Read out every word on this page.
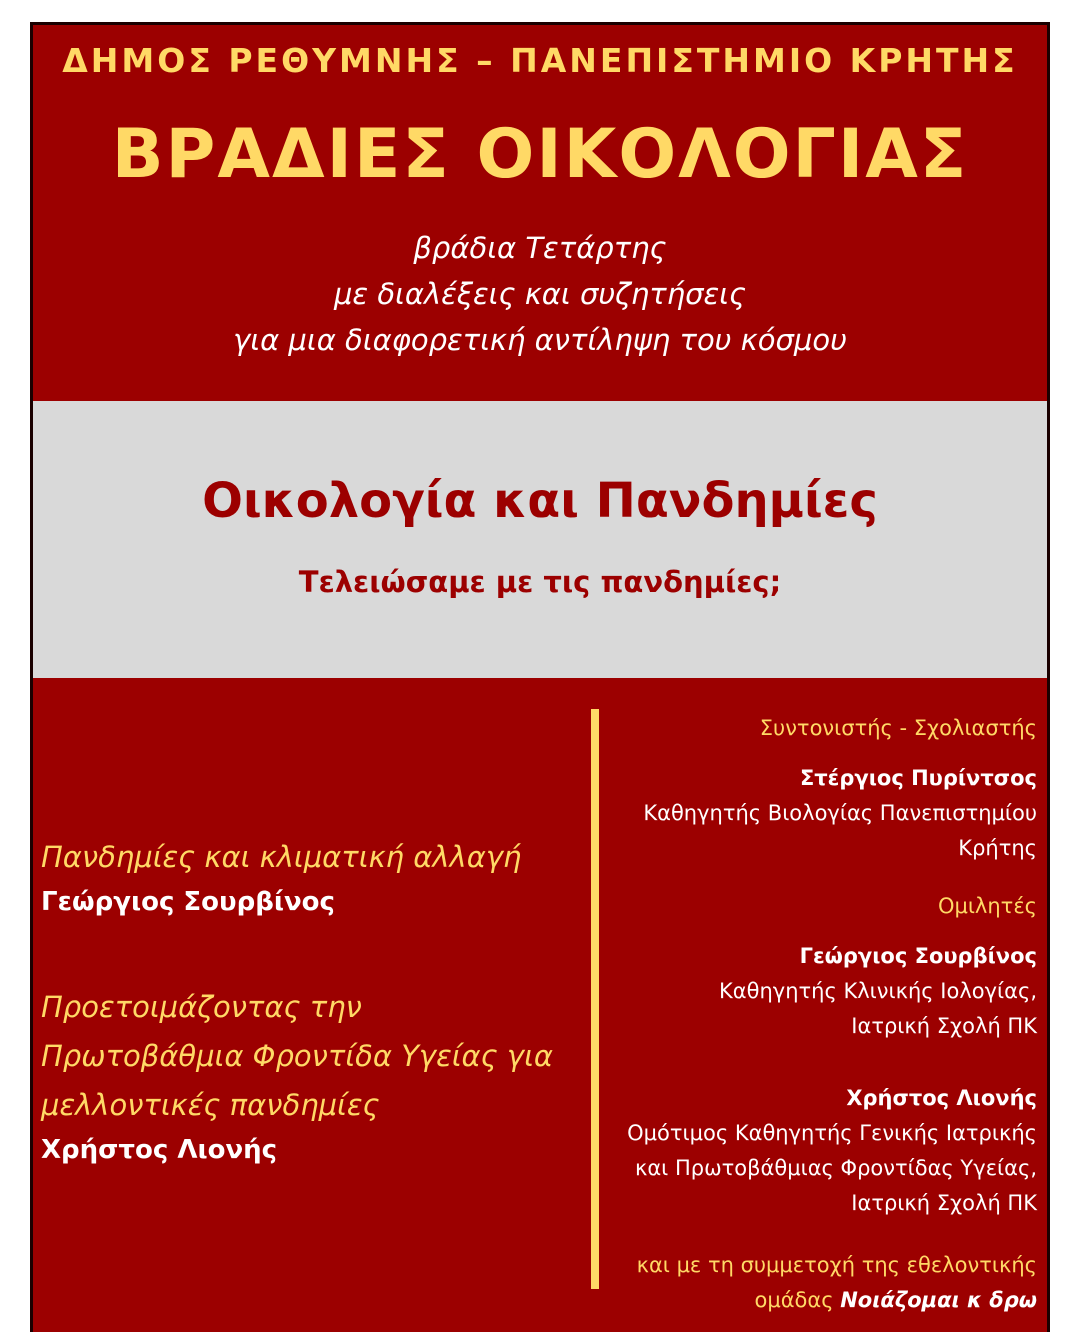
ΔΗΜΟΣ ΡΕΘΥΜΝΗΣ – ΠΑΝΕΠΙΣΤΗΜΙΟ ΚΡΗΤΗΣ
ΒΡΑΔΙΕΣ ΟΙΚΟΛΟΓΙΑΣ
βράδια Τετάρτης
με διαλέξεις και συζητήσεις
για μια διαφορετική αντίληψη του κόσμου
Οικολογία και Πανδημίες
Τελειώσαμε με τις πανδημίες;
Πανδημίες και κλιματική αλλαγή
Γεώργιος Σουρβίνος
Προετοιμάζοντας την
Πρωτοβάθμια Φροντίδα Υγείας για
μελλοντικές πανδημίες
Χρήστος Λιονής
Συντονιστής - Σχολιαστής
Στέργιος Πυρίντσος
Καθηγητής Βιολογίας Πανεπιστημίου
Κρήτης
Ομιλητές
Γεώργιος Σουρβίνος
Καθηγητής Κλινικής Ιολογίας,
Ιατρική Σχολή ΠΚ
Χρήστος Λιονής
Ομότιμος Καθηγητής Γενικής Ιατρικής
και Πρωτοβάθμιας Φροντίδας Υγείας,
Ιατρική Σχολή ΠΚ
και με τη συμμετοχή της εθελοντικής
ομάδας Νοιάζομαι κ δρω
